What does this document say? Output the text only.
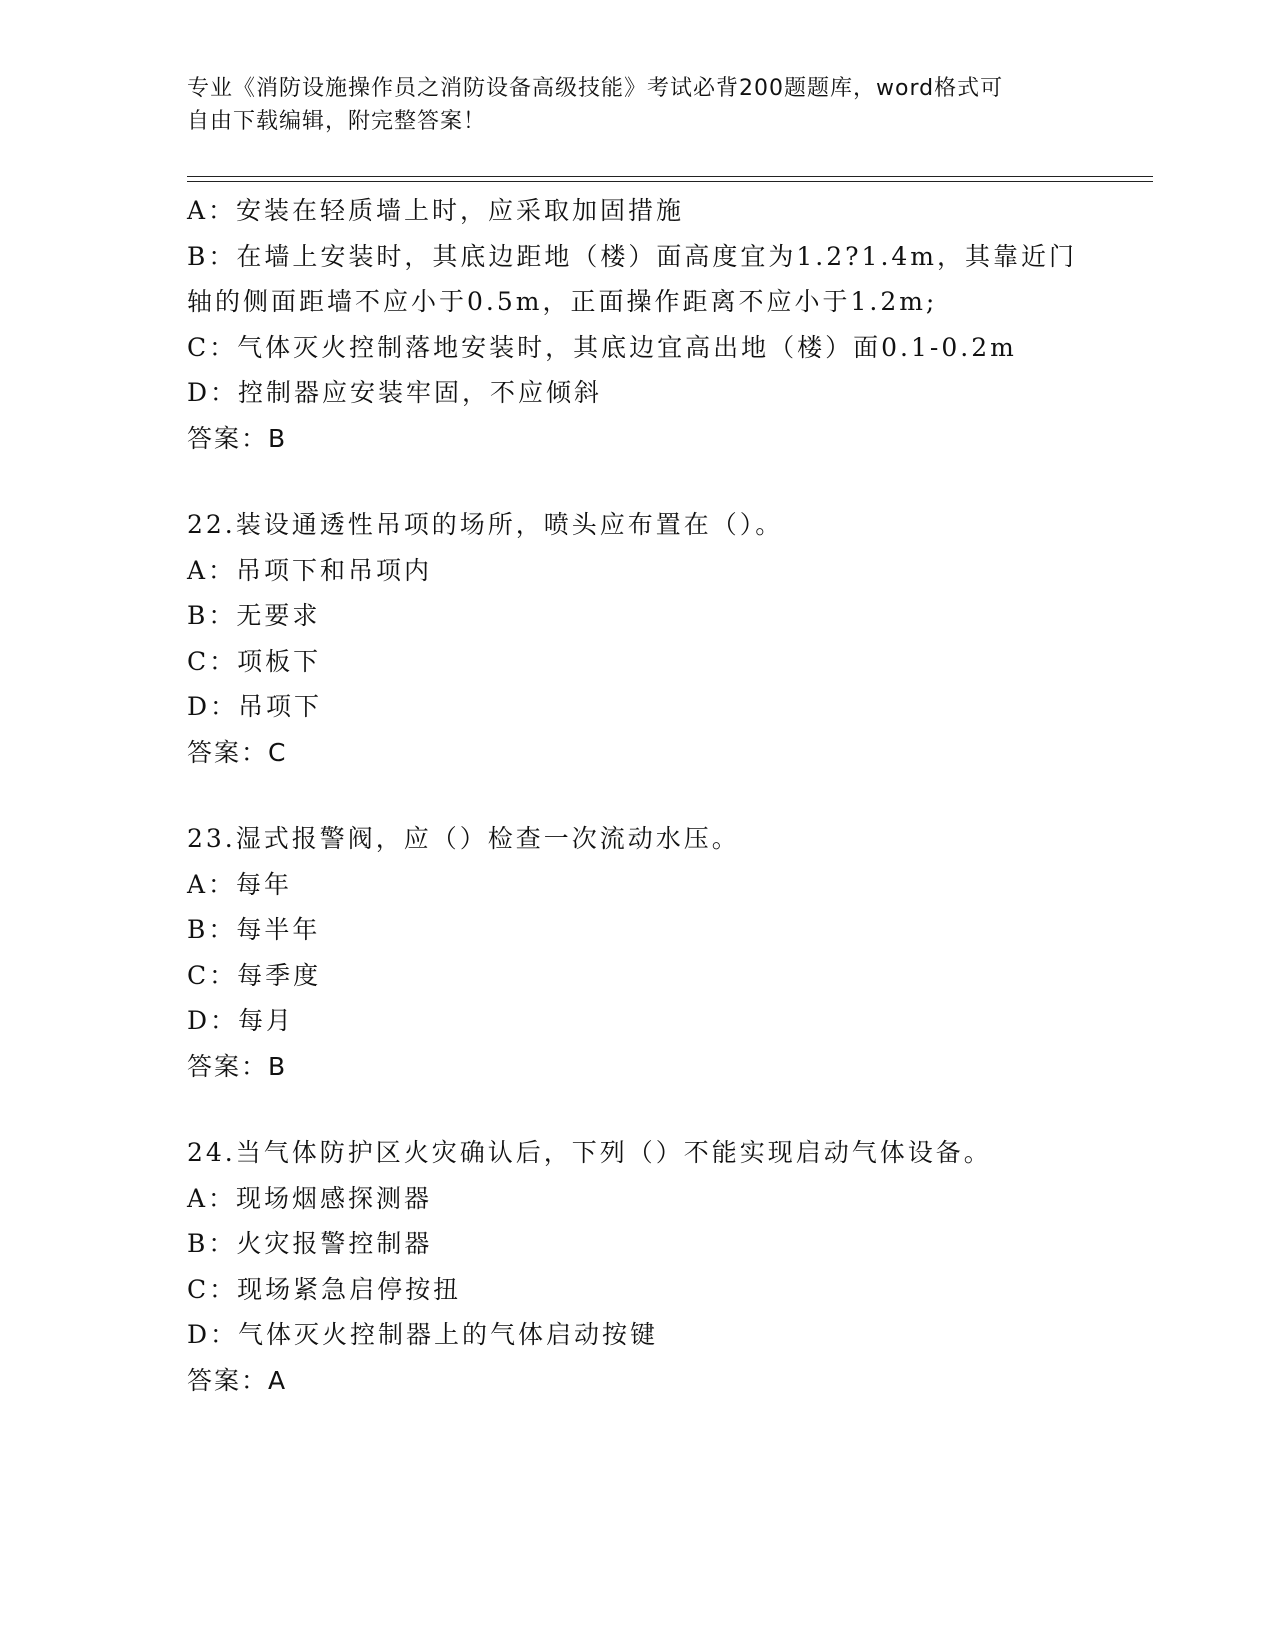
专业《消防设施操作员之消防设备高级技能》考试必背200题题库，word格式可
自由下载编辑，附完整答案！
A：安装在轻质墙上时，应采取加固措施
B：在墙上安装时，其底边距地（楼）面高度宜为1.2?1.4m，其靠近门轴的侧面距墙不应小于0.5m，正面操作距离不应小于1.2m;
C：气体灭火控制落地安装时，其底边宜高出地（楼）面0.1-0.2m
D：控制器应安装牢固，不应倾斜
答案：B
22.装设通透性吊项的场所，喷头应布置在（）。
A：吊项下和吊项内
B：无要求
C：项板下
D：吊项下
答案：C
23.湿式报警阀，应（）检查一次流动水压。
A：每年
B：每半年
C：每季度
D：每月
答案：B
24.当气体防护区火灾确认后，下列（）不能实现启动气体设备。
A：现场烟感探测器
B：火灾报警控制器
C：现场紧急启停按扭
D：气体灭火控制器上的气体启动按键
答案：A
